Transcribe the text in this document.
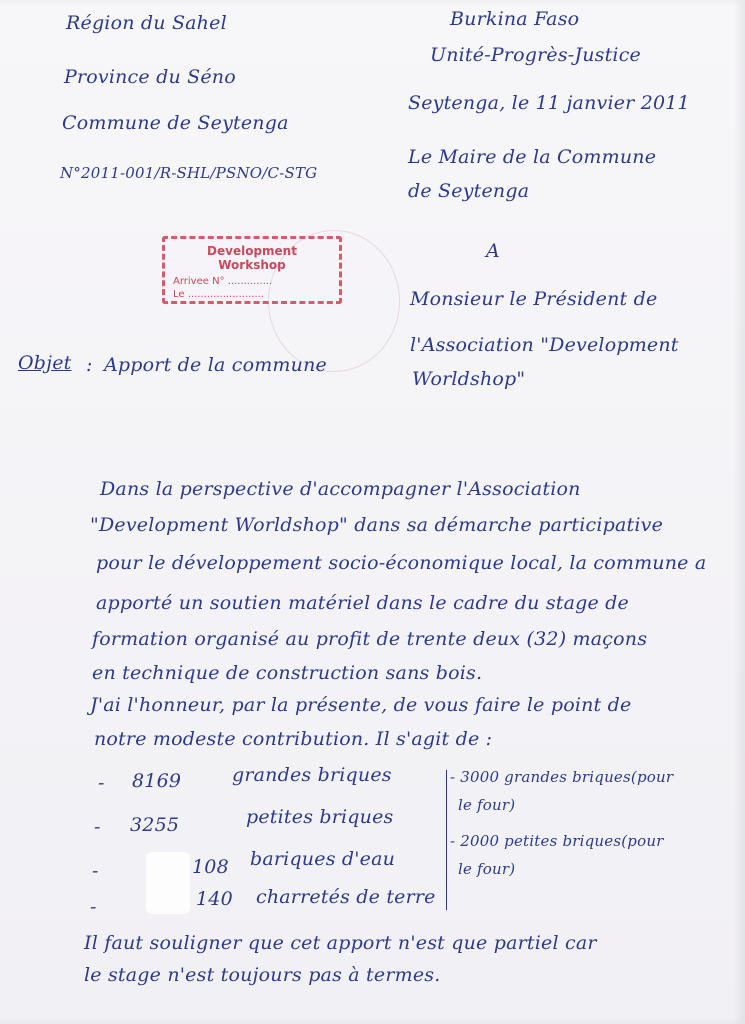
Région du Sahel
Province du Séno
Commune de Seytenga
N°2011-001/R-SHL/PSNO/C-STG
Burkina Faso
Unité-Progrès-Justice
Seytenga, le 11 janvier 2011
Le Maire de la Commune
de Seytenga
A
Monsieur le Président de
l'Association "Development
Worldshop"
Development Workshop
Arrivee N° ..............
Le ........................
Objet : Apport de la commune
Dans la perspective d'accompagner l'Association
"Development Worldshop" dans sa démarche participative
pour le développement socio-économique local, la commune a
apporté un soutien matériel dans le cadre du stage de
formation organisé au profit de trente deux (32) maçons
en technique de construction sans bois.
J'ai l'honneur, par la présente, de vous faire le point de
notre modeste contribution. Il s'agit de :
- 8169	grandes briques
- 3255	petites briques
-	108 bariques d'eau
-	140 charretés de terre
- 3000 grandes briques(pour
le four)
- 2000 petites briques(pour
le four)
Il faut souligner que cet apport n'est que partiel car
le stage n'est toujours pas à termes.
